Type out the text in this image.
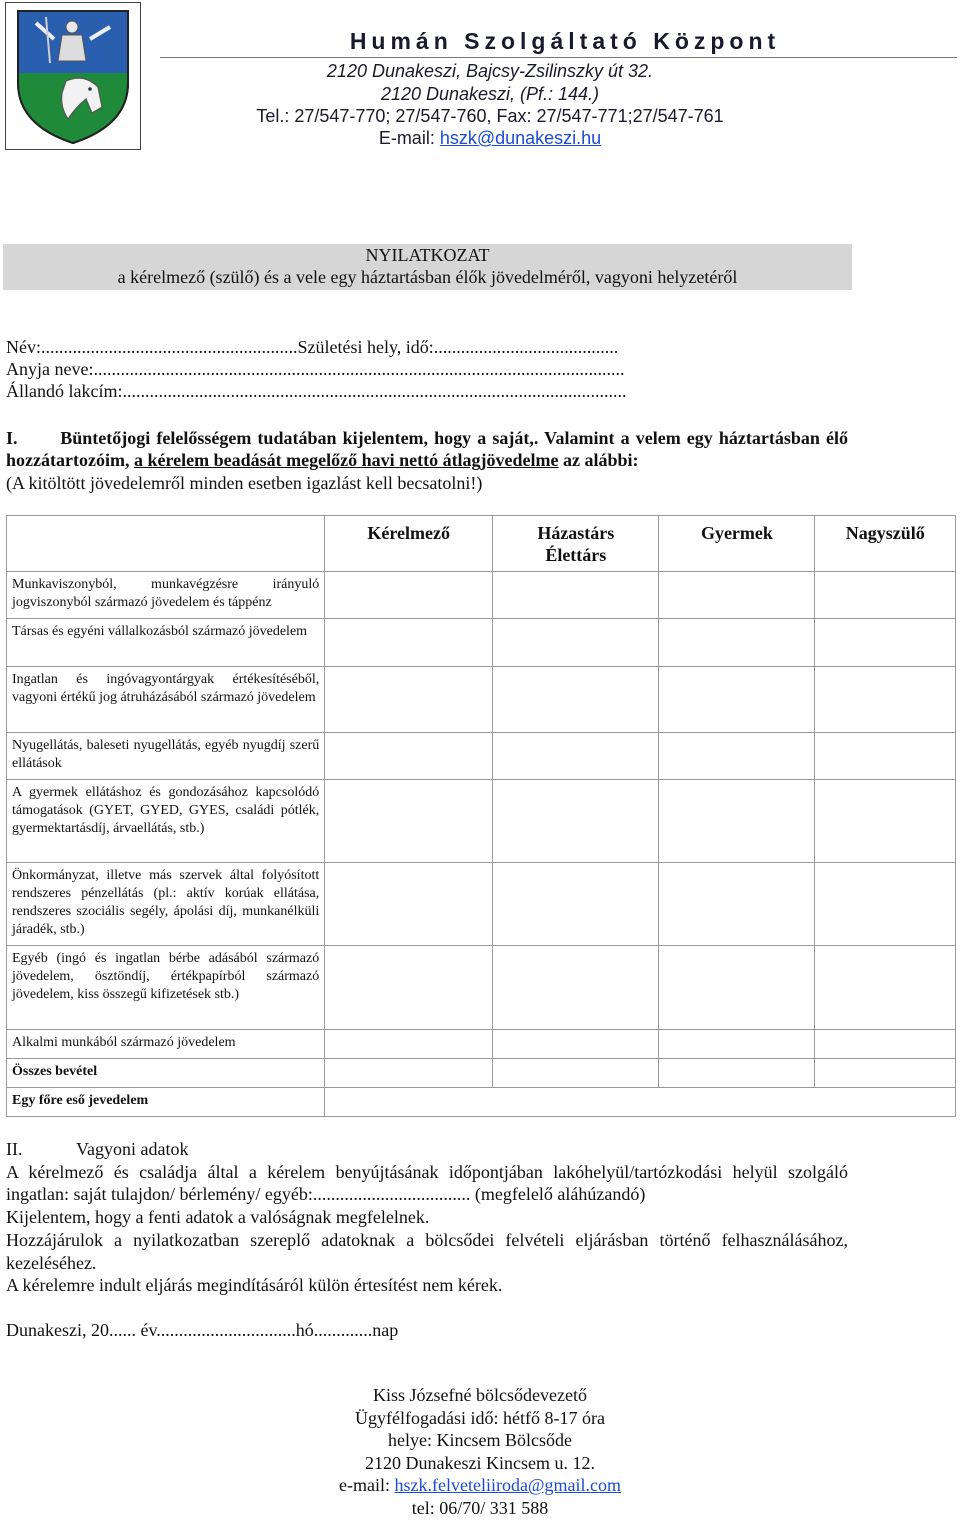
Humán Szolgáltató Központ
2120 Dunakeszi, Bajcsy-Zsilinszky út 32.
2120 Dunakeszi, (Pf.: 144.)
Tel.: 27/547-770; 27/547-760, Fax: 27/547-771;27/547-761
E-mail: hszk@dunakeszi.hu
NYILATKOZAT
a kérelmező (szülő) és a vele egy háztartásban élők jövedelméről, vagyoni helyzetéről
Név:.........................................................Születési hely, idő:.........................................
Anyja neve:......................................................................................................................
Állandó lakcím:................................................................................................................
I. Büntetőjogi felelősségem tudatában kijelentem, hogy a saját,. Valamint a velem egy háztartásban élő hozzátartozóim, a kérelem beadását megelőző havi nettó átlagjövedelme az alábbi:
(A kitöltött jövedelemről minden esetben igazlást kell becsatolni!)
	Kérelmező	Házastárs Élettárs	Gyermek	Nagyszülő
Munkaviszonyból, munkavégzésre irányuló jogviszonyból származó jövedelem és táppénz				
Társas és egyéni vállalkozásból származó jövedelem				
Ingatlan és ingóvagyontárgyak értékesítéséből, vagyoni értékű jog átruházásából származó jövedelem				
Nyugellátás, baleseti nyugellátás, egyéb nyugdíj szerű ellátások				
A gyermek ellátáshoz és gondozásához kapcsolódó támogatások (GYET, GYED, GYES, családi pótlék, gyermektartásdíj, árvaellátás, stb.)				
Önkormányzat, illetve más szervek által folyósított rendszeres pénzellátás (pl.: aktív korúak ellátása, rendszeres szociális segély, ápolási díj, munkanélküli járadék, stb.)				
Egyéb (ingó és ingatlan bérbe adásából származó jövedelem, ösztöndíj, értékpapírból származó jövedelem, kiss összegű kifizetések stb.)				
Alkalmi munkából származó jövedelem				
Összes bevétel				
Egy főre eső jevedelem				

II.	Vagyoni adatok

A kérelmező és családja által a kérelem benyújtásának időpontjában lakóhelyül/tartózkodási helyül szolgáló ingatlan: saját tulajdon/ bérlemény/ egyéb:................................... (megfelelő aláhúzandó)

Kijelentem, hogy a fenti adatok a valóságnak megfelelnek.

Hozzájárulok a nyilatkozatban szereplő adatoknak a bölcsődei felvételi eljárásban történő felhasználásához, kezeléséhez.

A kérelemre indult eljárás megindításáról külön értesítést nem kérek.

Dunakeszi, 20...... év...............................hó.............nap

Kiss Józsefné bölcsődevezető
Ügyfélfogadási idő: hétfő 8-17 óra
helye: Kincsem Bölcsőde
2120 Dunakeszi Kincsem u. 12.
e-mail: hszk.felveteliiroda@gmail.com
tel: 06/70/ 331 588
